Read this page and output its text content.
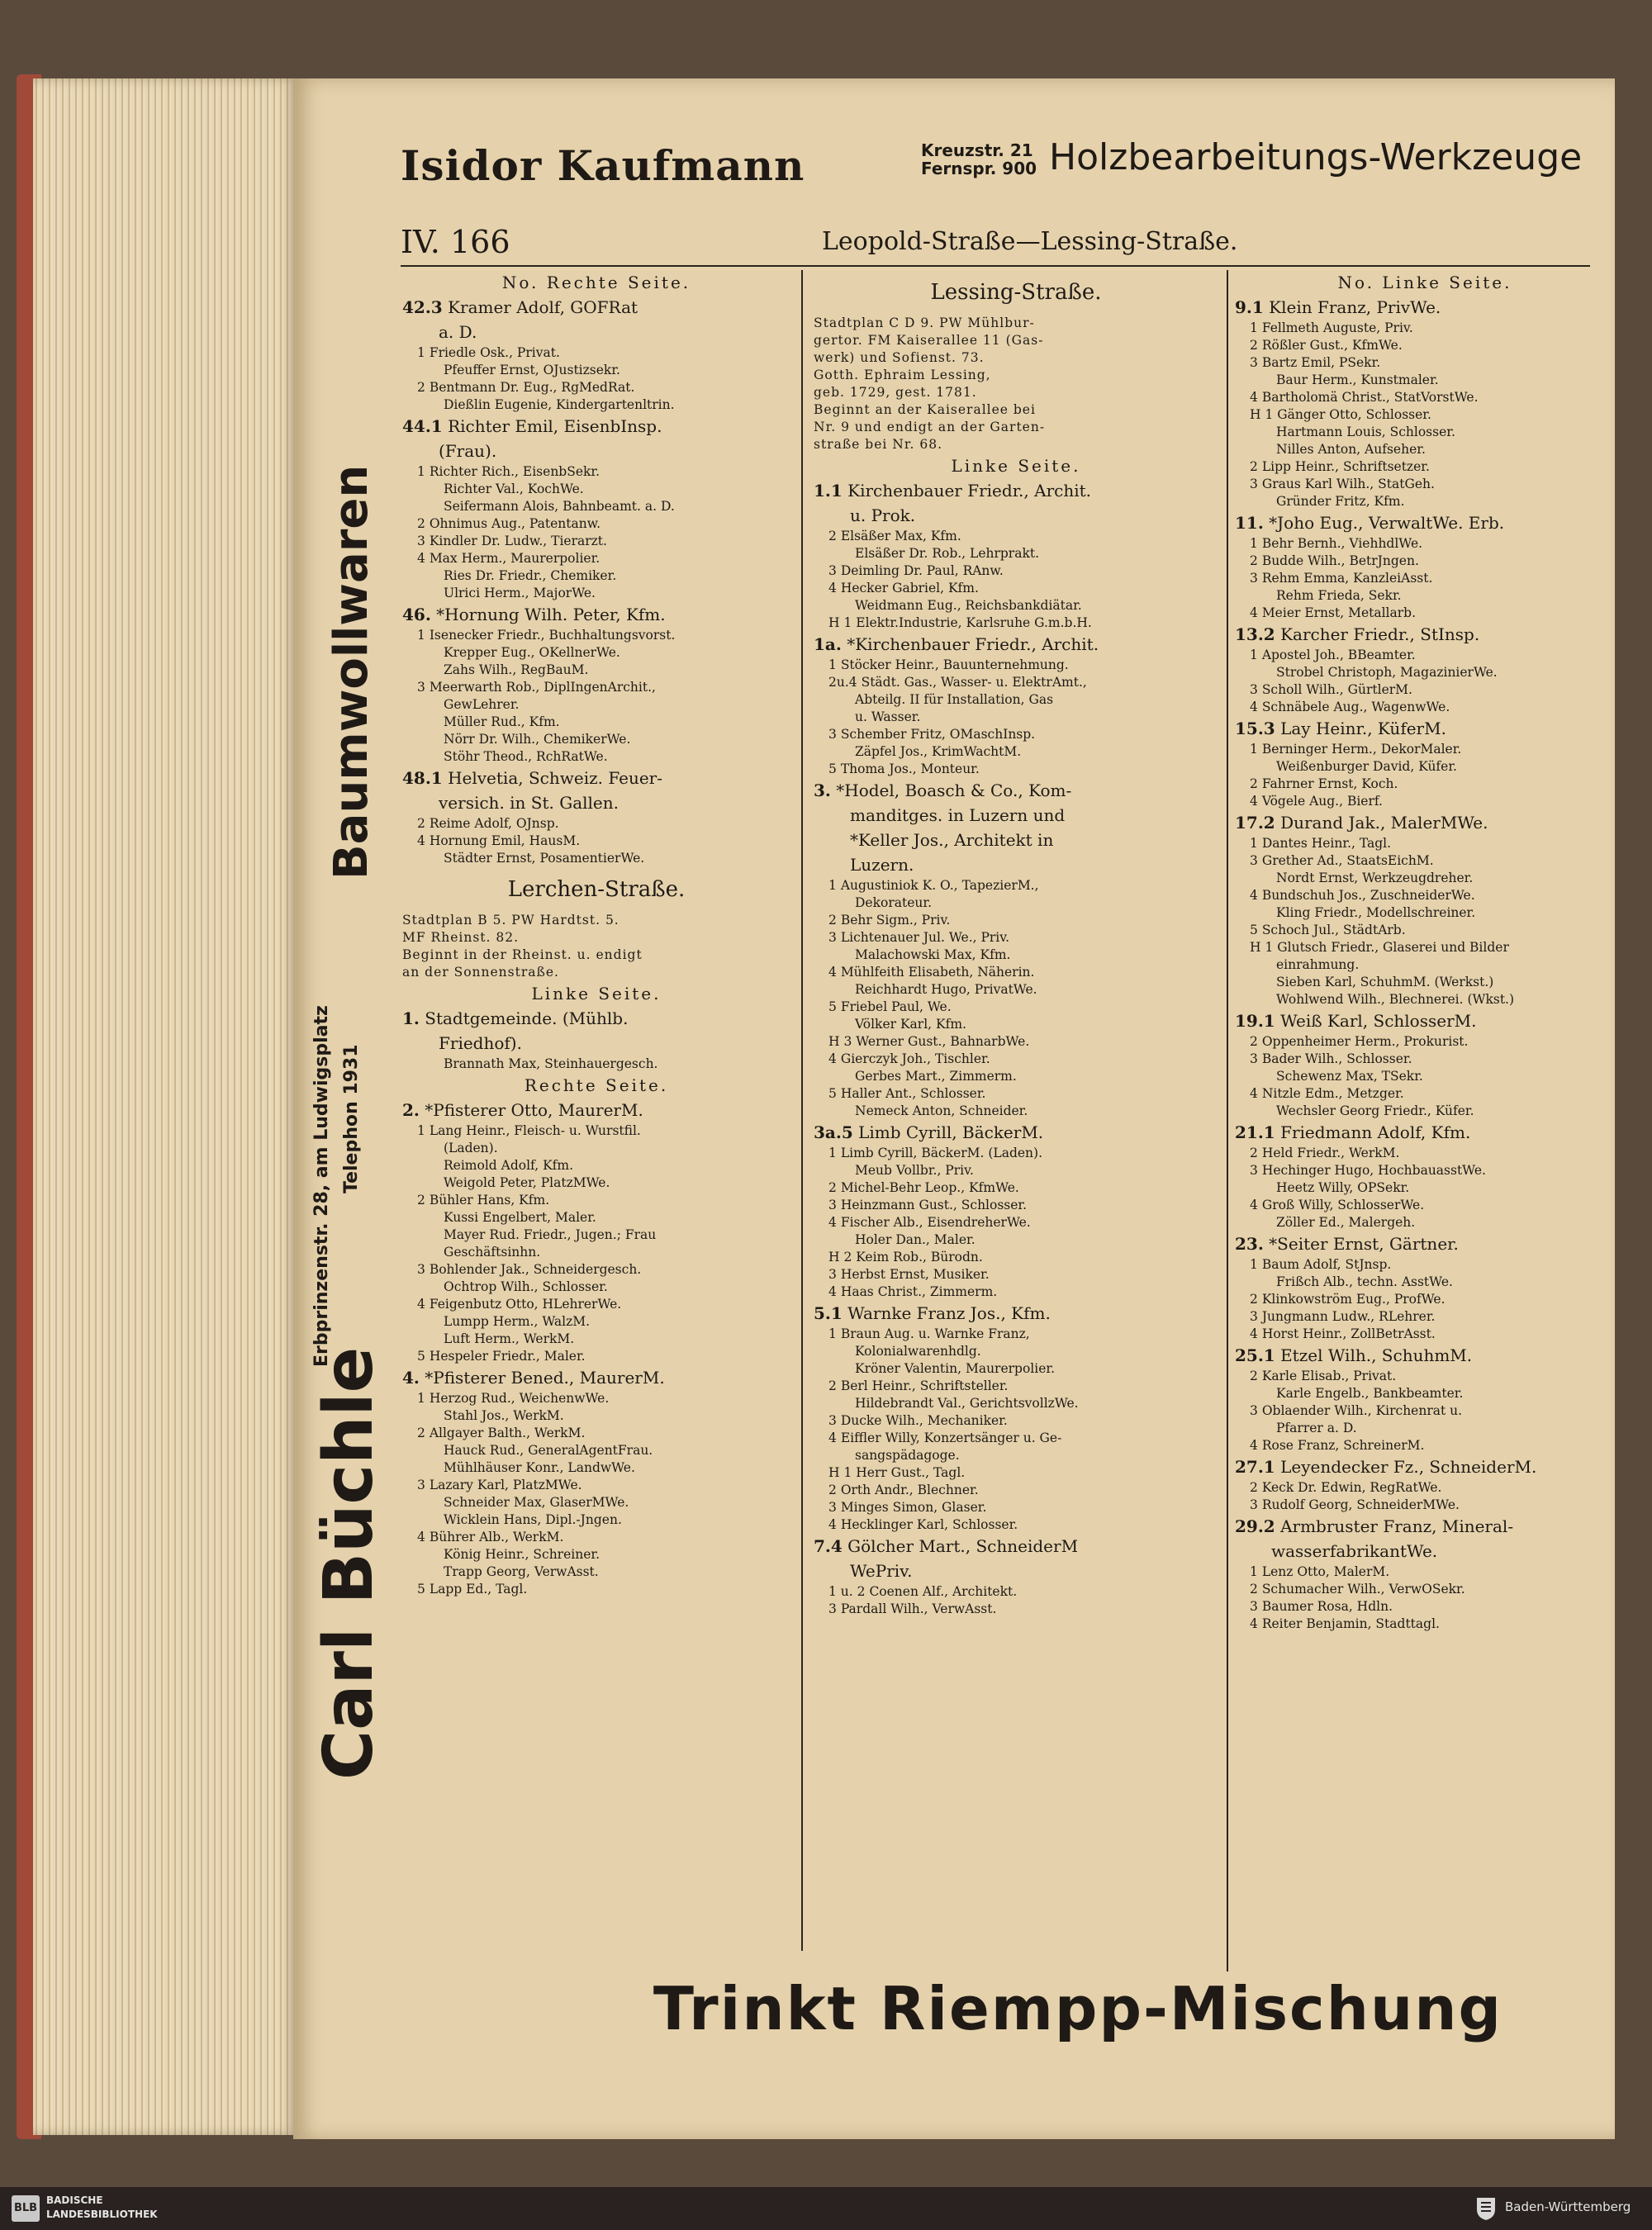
Isidor Kaufmann	Kreuzstr. 21
Fernspr. 900 Holzbearbeitungs-Werkzeuge
IV. 166	Leopold-Straße—Lessing-Straße.
Carl Büchle
Erbprinzenstr. 28, am Ludwigsplatz Telephon 1931
Baumwollwaren
No. Rechte Seite.
42.3 Kramer Adolf, GOFRat
a. D.
1 Friedle Osk., Privat.
Pfeuffer Ernst, OJustizsekr.
2 Bentmann Dr. Eug., RgMedRat.
Dießlin Eugenie, Kindergartenltrin.
44.1 Richter Emil, EisenbInsp.
(Frau).
1 Richter Rich., EisenbSekr.
Richter Val., KochWe.
Seifermann Alois, Bahnbeamt. a. D.
2 Ohnimus Aug., Patentanw.
3 Kindler Dr. Ludw., Tierarzt.
4 Max Herm., Maurerpolier.
Ries Dr. Friedr., Chemiker.
Ulrici Herm., MajorWe.
46. *Hornung Wilh. Peter, Kfm.
1 Isenecker Friedr., Buchhaltungsvorst.
Krepper Eug., OKellnerWe.
Zahs Wilh., RegBauM.
3 Meerwarth Rob., DiplIngenArchit.,
GewLehrer.
Müller Rud., Kfm.
Nörr Dr. Wilh., ChemikerWe.
Stöhr Theod., RchRatWe.
48.1 Helvetia, Schweiz. Feuer-
versich. in St. Gallen.
2 Reime Adolf, OJnsp.
4 Hornung Emil, HausM.
Städter Ernst, PosamentierWe.
Lerchen-Straße.
Stadtplan B 5. PW Hardtst. 5.
MF Rheinst. 82.
Beginnt in der Rheinst. u. endigt
an der Sonnenstraße.
Linke Seite.
1. Stadtgemeinde. (Mühlb.
Friedhof).
Brannath Max, Steinhauergesch.
Rechte Seite.
2. *Pfisterer Otto, MaurerM.
1 Lang Heinr., Fleisch- u. Wurstfil.
(Laden).
Reimold Adolf, Kfm.
Weigold Peter, PlatzMWe.
2 Bühler Hans, Kfm.
Kussi Engelbert, Maler.
Mayer Rud. Friedr., Jugen.; Frau
Geschäftsinhn.
3 Bohlender Jak., Schneidergesch.
Ochtrop Wilh., Schlosser.
4 Feigenbutz Otto, HLehrerWe.
Lumpp Herm., WalzM.
Luft Herm., WerkM.
5 Hespeler Friedr., Maler.
4. *Pfisterer Bened., MaurerM.
1 Herzog Rud., WeichenwWe.
Stahl Jos., WerkM.
2 Allgayer Balth., WerkM.
Hauck Rud., GeneralAgentFrau.
Mühlhäuser Konr., LandwWe.
3 Lazary Karl, PlatzMWe.
Schneider Max, GlaserMWe.
Wicklein Hans, Dipl.-Jngen.
4 Bührer Alb., WerkM.
König Heinr., Schreiner.
Trapp Georg, VerwAsst.
5 Lapp Ed., Tagl.
Lessing-Straße.
Stadtplan C D 9. PW Mühlbur-
gertor. FM Kaiserallee 11 (Gas-
werk) und Sofienst. 73.
Gotth. Ephraim Lessing,
geb. 1729, gest. 1781.
Beginnt an der Kaiserallee bei
Nr. 9 und endigt an der Garten-
straße bei Nr. 68.
Linke Seite.
1.1 Kirchenbauer Friedr., Archit.
u. Prok.
2 Elsäßer Max, Kfm.
Elsäßer Dr. Rob., Lehrprakt.
3 Deimling Dr. Paul, RAnw.
4 Hecker Gabriel, Kfm.
Weidmann Eug., Reichsbankdiätar.
H 1 Elektr.Industrie, Karlsruhe G.m.b.H.
1a. *Kirchenbauer Friedr., Archit.
1 Stöcker Heinr., Bauunternehmung.
2u.4 Städt. Gas., Wasser- u. ElektrAmt.,
Abteilg. II für Installation, Gas
u. Wasser.
3 Schember Fritz, OMaschInsp.
Zäpfel Jos., KrimWachtM.
5 Thoma Jos., Monteur.
3. *Hodel, Boasch & Co., Kom-
manditges. in Luzern und
*Keller Jos., Architekt in
Luzern.
1 Augustiniok K. O., TapezierM.,
Dekorateur.
2 Behr Sigm., Priv.
3 Lichtenauer Jul. We., Priv.
Malachowski Max, Kfm.
4 Mühlfeith Elisabeth, Näherin.
Reichhardt Hugo, PrivatWe.
5 Friebel Paul, We.
Völker Karl, Kfm.
H 3 Werner Gust., BahnarbWe.
4 Gierczyk Joh., Tischler.
Gerbes Mart., Zimmerm.
5 Haller Ant., Schlosser.
Nemeck Anton, Schneider.
3a.5 Limb Cyrill, BäckerM.
1 Limb Cyrill, BäckerM. (Laden).
Meub Vollbr., Priv.
2 Michel-Behr Leop., KfmWe.
3 Heinzmann Gust., Schlosser.
4 Fischer Alb., EisendreherWe.
Holer Dan., Maler.
H 2 Keim Rob., Bürodn.
3 Herbst Ernst, Musiker.
4 Haas Christ., Zimmerm.
5.1 Warnke Franz Jos., Kfm.
1 Braun Aug. u. Warnke Franz,
Kolonialwarenhdlg.
Kröner Valentin, Maurerpolier.
2 Berl Heinr., Schriftsteller.
Hildebrandt Val., GerichtsvollzWe.
3 Ducke Wilh., Mechaniker.
4 Eiffler Willy, Konzertsänger u. Ge-
sangspädagoge.
H 1 Herr Gust., Tagl.
2 Orth Andr., Blechner.
3 Minges Simon, Glaser.
4 Hecklinger Karl, Schlosser.
7.4 Gölcher Mart., SchneiderM
WePriv.
1 u. 2 Coenen Alf., Architekt.
3 Pardall Wilh., VerwAsst.
No. Linke Seite.
9.1 Klein Franz, PrivWe.
1 Fellmeth Auguste, Priv.
2 Rößler Gust., KfmWe.
3 Bartz Emil, PSekr.
Baur Herm., Kunstmaler.
4 Bartholomä Christ., StatVorstWe.
H 1 Gänger Otto, Schlosser.
Hartmann Louis, Schlosser.
Nilles Anton, Aufseher.
2 Lipp Heinr., Schriftsetzer.
3 Graus Karl Wilh., StatGeh.
Gründer Fritz, Kfm.
11. *Joho Eug., VerwaltWe. Erb.
1 Behr Bernh., ViehhdlWe.
2 Budde Wilh., BetrJngen.
3 Rehm Emma, KanzleiAsst.
Rehm Frieda, Sekr.
4 Meier Ernst, Metallarb.
13.2 Karcher Friedr., StInsp.
1 Apostel Joh., BBeamter.
Strobel Christoph, MagazinierWe.
3 Scholl Wilh., GürtlerM.
4 Schnäbele Aug., WagenwWe.
15.3 Lay Heinr., KüferM.
1 Berninger Herm., DekorMaler.
Weißenburger David, Küfer.
2 Fahrner Ernst, Koch.
4 Vögele Aug., Bierf.
17.2 Durand Jak., MalerMWe.
1 Dantes Heinr., Tagl.
3 Grether Ad., StaatsEichM.
Nordt Ernst, Werkzeugdreher.
4 Bundschuh Jos., ZuschneiderWe.
Kling Friedr., Modellschreiner.
5 Schoch Jul., StädtArb.
H 1 Glutsch Friedr., Glaserei und Bilder
einrahmung.
Sieben Karl, SchuhmM. (Werkst.)
Wohlwend Wilh., Blechnerei. (Wkst.)
19.1 Weiß Karl, SchlosserM.
2 Oppenheimer Herm., Prokurist.
3 Bader Wilh., Schlosser.
Schewenz Max, TSekr.
4 Nitzle Edm., Metzger.
Wechsler Georg Friedr., Küfer.
21.1 Friedmann Adolf, Kfm.
2 Held Friedr., WerkM.
3 Hechinger Hugo, HochbauasstWe.
Heetz Willy, OPSekr.
4 Groß Willy, SchlosserWe.
Zöller Ed., Malergeh.
23. *Seiter Ernst, Gärtner.
1 Baum Adolf, StJnsp.
Frißch Alb., techn. AsstWe.
2 Klinkowström Eug., ProfWe.
3 Jungmann Ludw., RLehrer.
4 Horst Heinr., ZollBetrAsst.
25.1 Etzel Wilh., SchuhmM.
2 Karle Elisab., Privat.
Karle Engelb., Bankbeamter.
3 Oblaender Wilh., Kirchenrat u.
Pfarrer a. D.
4 Rose Franz, SchreinerM.
27.1 Leyendecker Fz., SchneiderM.
2 Keck Dr. Edwin, RegRatWe.
3 Rudolf Georg, SchneiderMWe.
29.2 Armbruster Franz, Mineral-
wasserfabrikantWe.
1 Lenz Otto, MalerM.
2 Schumacher Wilh., VerwOSekr.
3 Baumer Rosa, Hdln.
4 Reiter Benjamin, Stadttagl.
Trinkt Riempp-Mischung
BLB
BADISCHE
LANDESBIBLIOTHEK	Baden-Württemberg
